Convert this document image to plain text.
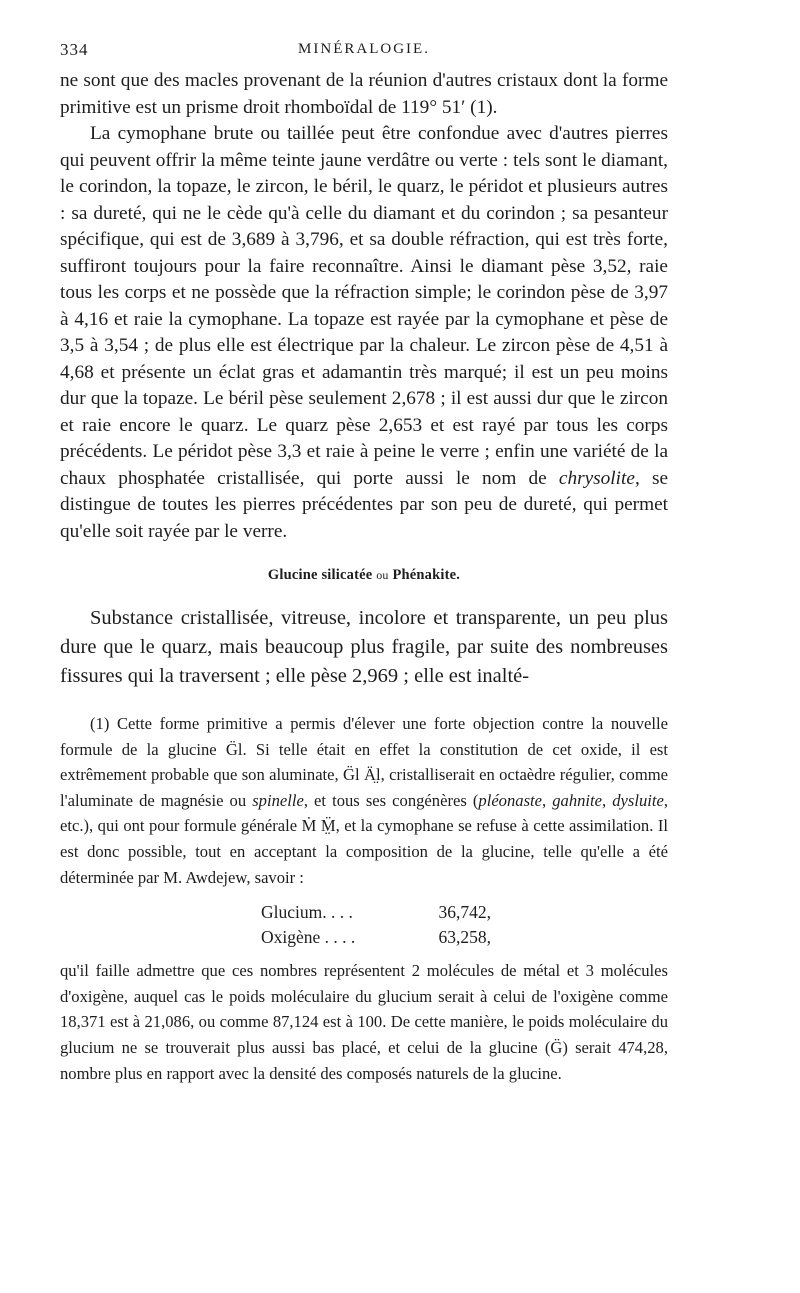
334	MINÉRALOGIE.

ne sont que des macles provenant de la réunion d'autres cristaux dont la forme primitive est un prisme droit rhomboïdal de 119° 51′ (1).

La cymophane brute ou taillée peut être confondue avec d'autres pierres qui peuvent offrir la même teinte jaune verdâtre ou verte : tels sont le diamant, le corindon, la topaze, le zircon, le béril, le quarz, le péridot et plusieurs autres : sa dureté, qui ne le cède qu'à celle du diamant et du corindon ; sa pesanteur spécifique, qui est de 3,689 à 3,796, et sa double réfraction, qui est très forte, suffiront toujours pour la faire reconnaître. Ainsi le diamant pèse 3,52, raie tous les corps et ne possède que la réfraction simple; le corindon pèse de 3,97 à 4,16 et raie la cymophane. La topaze est rayée par la cymophane et pèse de 3,5 à 3,54 ; de plus elle est électrique par la chaleur. Le zircon pèse de 4,51 à 4,68 et présente un éclat gras et adamantin très marqué; il est un peu moins dur que la topaze. Le béril pèse seulement 2,678 ; il est aussi dur que le zircon et raie encore le quarz. Le quarz pèse 2,653 et est rayé par tous les corps précédents. Le péridot pèse 3,3 et raie à peine le verre ; enfin une variété de la chaux phosphatée cristallisée, qui porte aussi le nom de chrysolite, se distingue de toutes les pierres précédentes par son peu de dureté, qui permet qu'elle soit rayée par le verre.

Glucine silicatée ou Phénakite.

Substance cristallisée, vitreuse, incolore et transparente, un peu plus dure que le quarz, mais beaucoup plus fragile, par suite des nombreuses fissures qui la traversent ; elle pèse 2,969 ; elle est inalté-

(1) Cette forme primitive a permis d'élever une forte objection contre la nouvelle formule de la glucine G̈l. Si telle était en effet la constitution de cet oxide, il est extrêmement probable que son aluminate, G̈l Ä̤l, cristalliserait en octaèdre régulier, comme l'aluminate de magnésie ou spinelle, et tous ses congénères (pléonaste, gahnite, dysluite, etc.), qui ont pour formule générale Ṁ M̤̈, et la cymophane se refuse à cette assimilation. Il est donc possible, tout en acceptant la composition de la glucine, telle qu'elle a été déterminée par M. Awdejew, savoir :

Glucium. . . .	36,742,
Oxigène . . . .	63,258,

qu'il faille admettre que ces nombres représentent 2 molécules de métal et 3 molécules d'oxigène, auquel cas le poids moléculaire du glucium serait à celui de l'oxigène comme 18,371 est à 21,086, ou comme 87,124 est à 100. De cette manière, le poids moléculaire du glucium ne se trouverait plus aussi bas placé, et celui de la glucine (G̈) serait 474,28, nombre plus en rapport avec la densité des composés naturels de la glucine.
